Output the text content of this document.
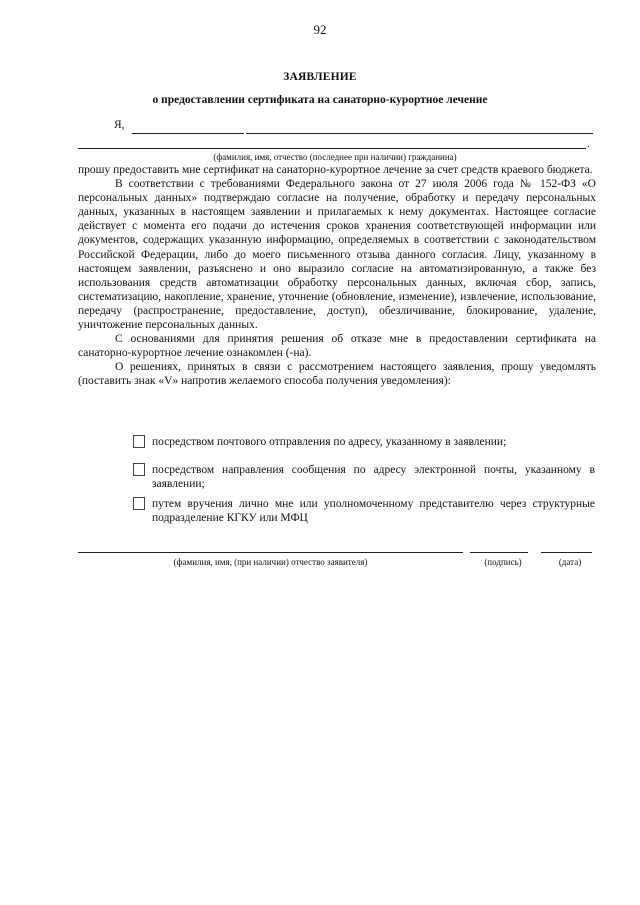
92
ЗАЯВЛЕНИЕ
о предоставлении сертификата на санаторно-курортное лечение
Я,
.
(фамилия, имя, отчество (последнее при наличии) гражданина)

прошу предоставить мне сертификат на санаторно-курортное лечение за счет средств краевого бюджета.

В соответствии с требованиями Федерального закона от 27 июля 2006 года № 152-ФЗ «О персональных данных» подтверждаю согласие на получение, обработку и передачу персональных данных, указанных в настоящем заявлении и прилагаемых к нему документах. Настоящее согласие действует с момента его подачи до истечения сроков хранения соответствующей информации или документов, содержащих указанную информацию, определяемых в соответствии с законодательством Российской Федерации, либо до моего письменного отзыва данного согласия. Лицу, указанному в настоящем заявлении, разъяснено и оно выразило согласие на автоматизированную, а также без использования средств автоматизации обработку персональных данных, включая сбор, запись, систематизацию, накопление, хранение, уточнение (обновление, изменение), извлечение, использование, передачу (распространение, предоставление, доступ), обезличивание, блокирование, удаление, уничтожение персональных данных.

С основаниями для принятия решения об отказе мне в предоставлении сертификата на санаторно-курортное лечение ознакомлен (-на).

О решениях, принятых в связи с рассмотрением настоящего заявления, прошу уведомлять (поставить знак «V» напротив желаемого способа получения уведомления):

посредством почтового отправления по адресу, указанному в заявлении;
посредством направления сообщения по адресу электронной почты, указанному в заявлении;
путем вручения лично мне или уполномоченному представителю через структурные подразделение КГКУ или МФЦ
(фамилия, имя, (при наличии) отчество заявителя)	(подпись)	(дата)
